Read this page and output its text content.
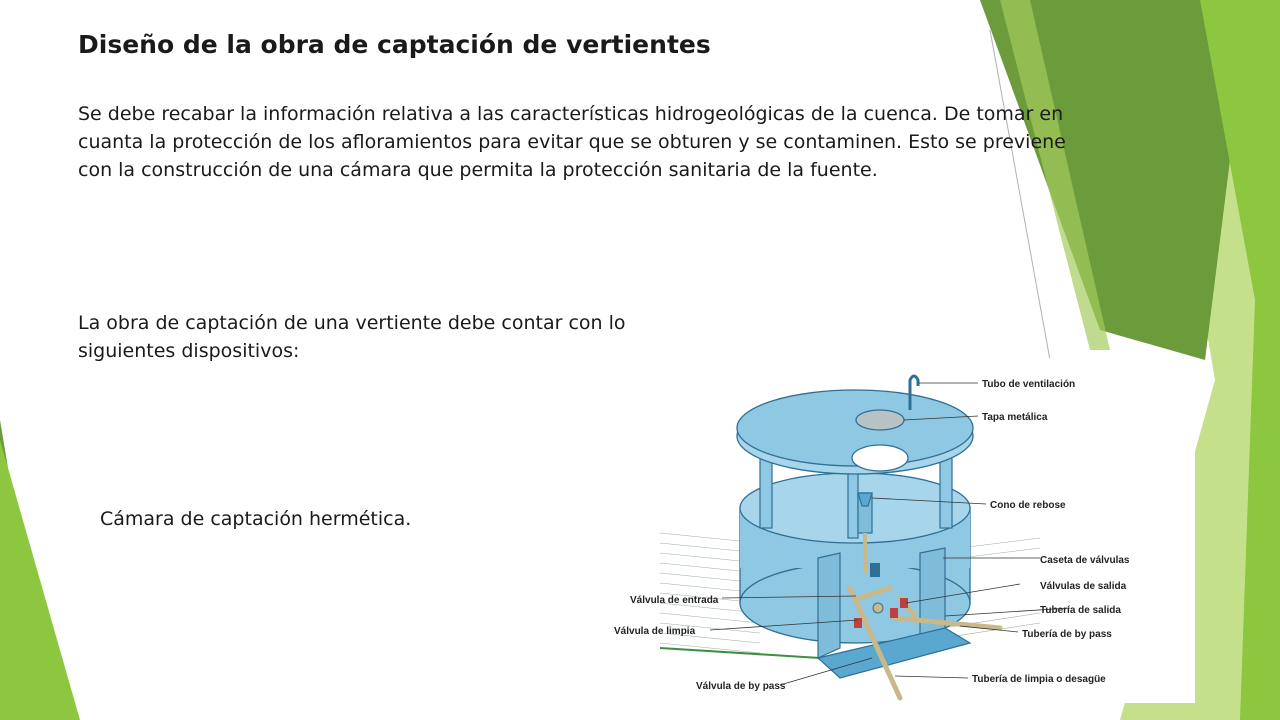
Diseño de la obra de captación de vertientes

Se debe recabar la información relativa a las características hidrogeológicas de la cuenca. De tomar en cuanta la protección de los afloramientos para evitar que se obturen y se contaminen. Esto se previene con la construcción de una cámara que permita la protección sanitaria de la fuente.

La obra de captación de una vertiente debe contar con lo siguientes dispositivos:

Cámara de captación hermética.

Tubo de ventilación
Tapa metálica
Cono de rebose
Caseta de válvulas
Válvulas de salida
Tubería de salida
Tubería de by pass
Tubería de limpia o desagüe
Válvula de entrada
Válvula de limpia
Válvula de by pass
